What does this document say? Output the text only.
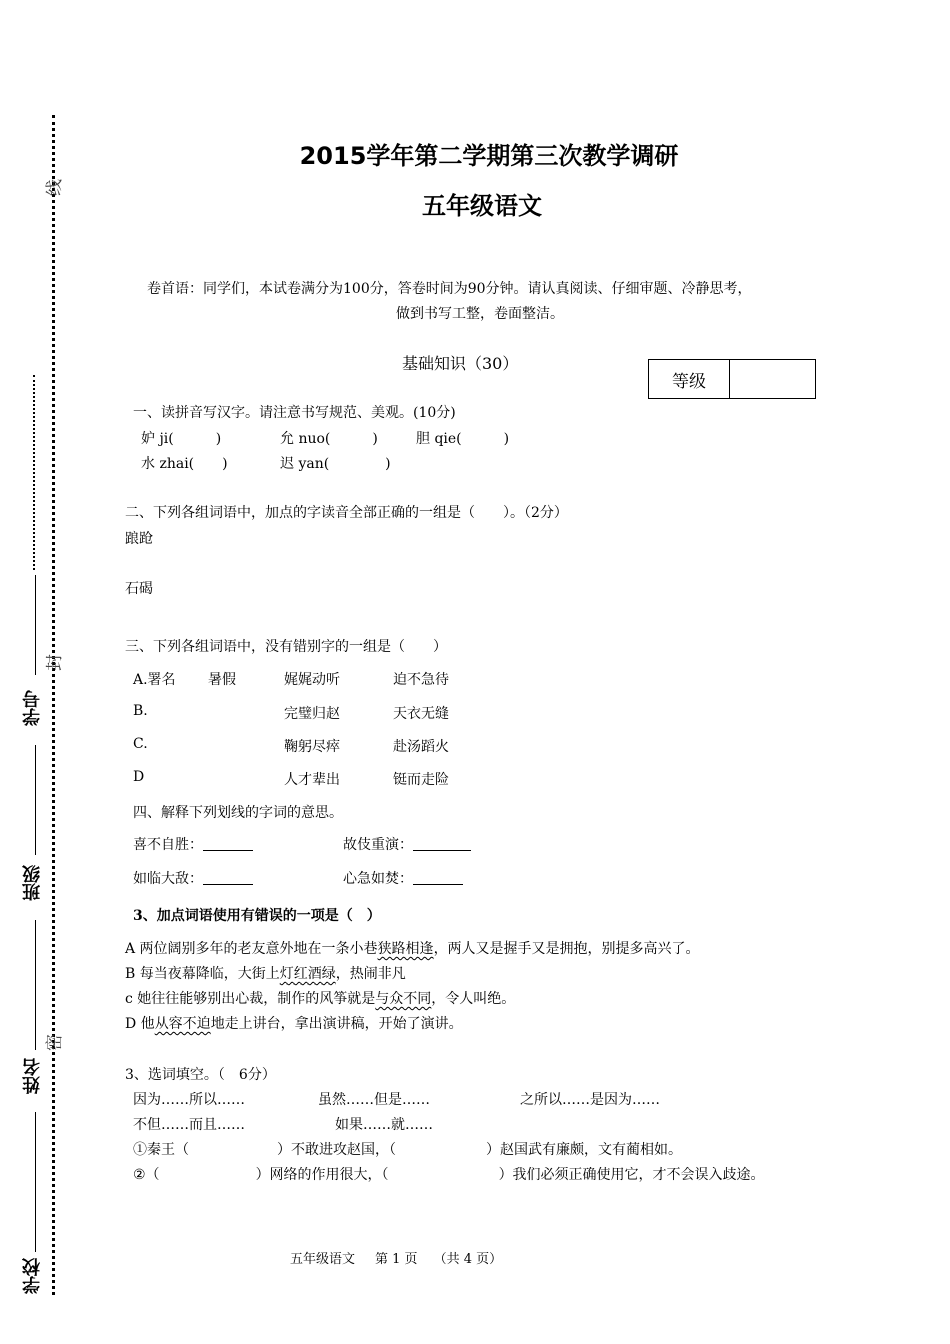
线
封
密
学号
班级
姓名
学校
2015学年第二学期第三次教学调研
五年级语文
卷首语：同学们，本试卷满分为100分，答卷时间为90分钟。请认真阅读、仔细审题、冷静思考，
做到书写工整，卷面整洁。
基础知识（30）
等级
一、读拼音写汉字。请注意书写规范、美观。(10分)
妒 ji(　　　)	允 nuo(　　　)	胆 qie(　　　)
水 zhai(　　)	迟 yan(　　　　)
二、下列各组词语中，加点的字读音全部正确的一组是（　　）。（2分）
踉跄
石碣
三、下列各组词语中，没有错别字的一组是（　　）
A.署名 暑假	娓娓动听	迫不急待
B.	完璧归赵	天衣无缝
C.	鞠躬尽瘁	赴汤蹈火
D	人才辈出	铤而走险
四、解释下列划线的字词的意思。
喜不自胜：	故伎重演：
如临大敌：	心急如焚：
3、加点词语使用有错误的一项是（　）
A 两位阔别多年的老友意外地在一条小巷狭路相逢，两人又是握手又是拥抱，别提多高兴了。
B 每当夜幕降临，大街上灯红酒绿，热闹非凡
c 她往往能够别出心裁，制作的风筝就是与众不同，令人叫绝。
D 他从容不迫地走上讲台，拿出演讲稿，开始了演讲。
3、选词填空。（　6分）
因为……所以……	虽然……但是……	之所以……是因为……
不但……而且……	如果……就……
①秦王（	）不敢进攻赵国，（	）赵国武有廉颇，文有蔺相如。
②（	）网络的作用很大，（	）我们必须正确使用它，才不会误入歧途。
五年级语文 第 1 页 （共 4 页）
